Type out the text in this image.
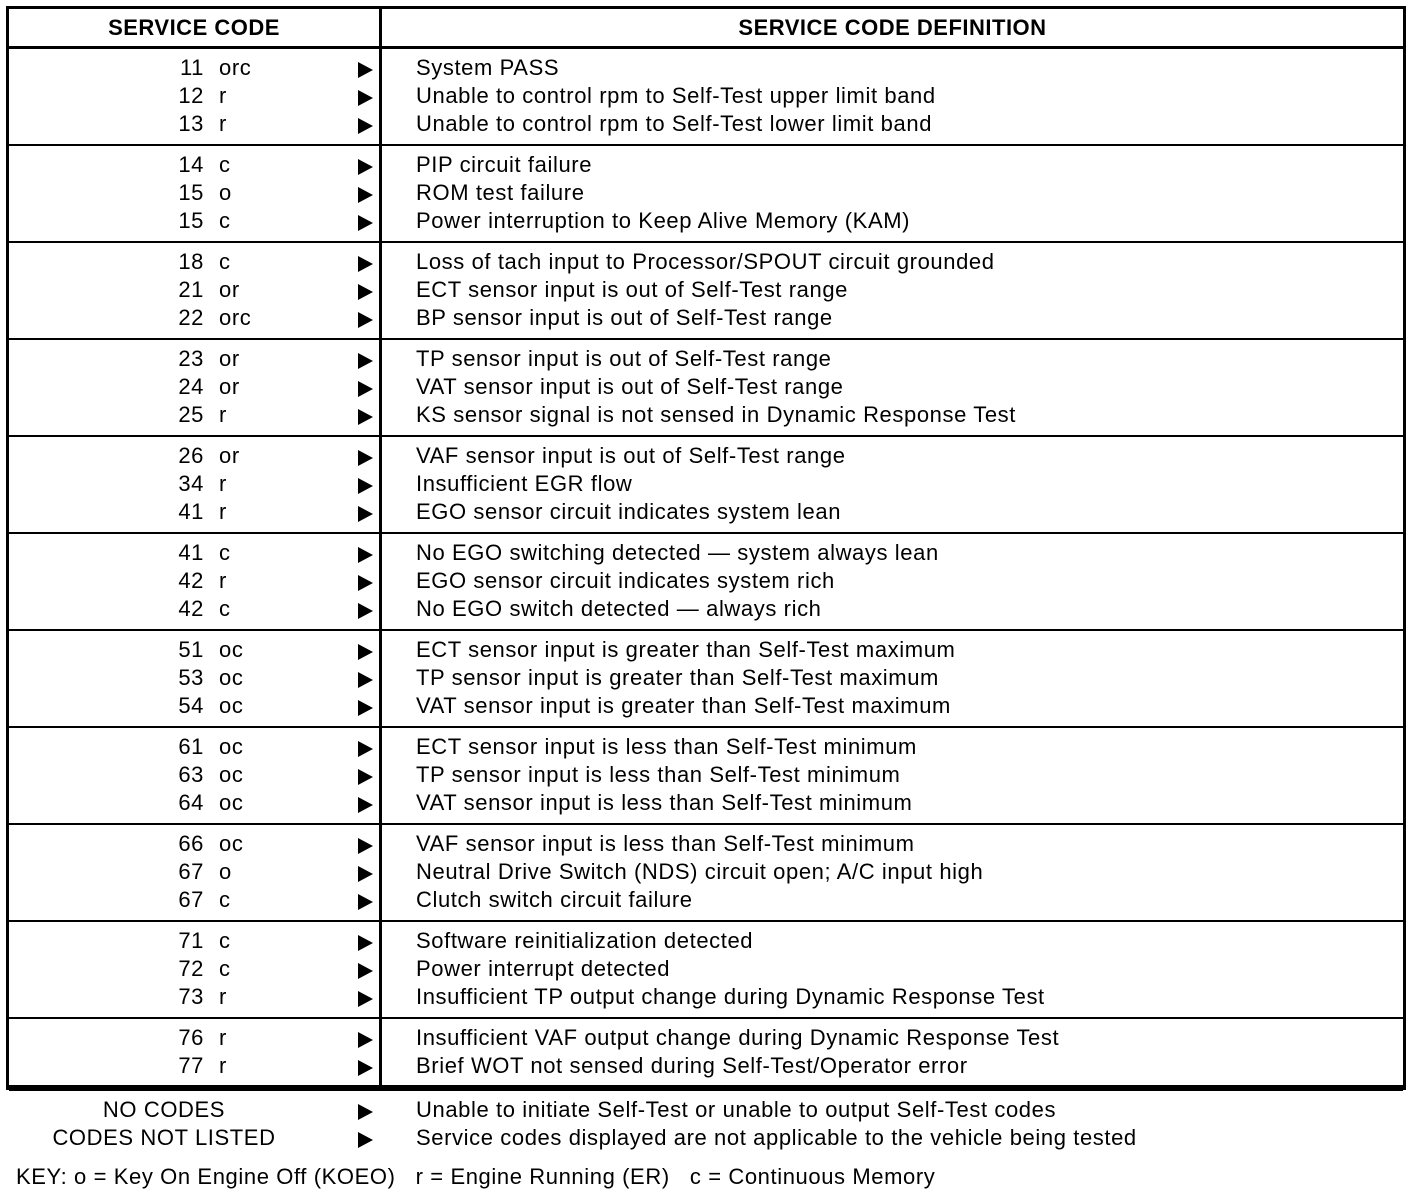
SERVICE CODE	SERVICE CODE DEFINITION
11 orc	System PASS
12 r	Unable to control rpm to Self-Test upper limit band
13 r	Unable to control rpm to Self-Test lower limit band
14 c	PIP circuit failure
15 o	ROM test failure
15 c	Power interruption to Keep Alive Memory (KAM)
18 c	Loss of tach input to Processor/SPOUT circuit grounded
21 or	ECT sensor input is out of Self-Test range
22 orc	BP sensor input is out of Self-Test range
23 or	TP sensor input is out of Self-Test range
24 or	VAT sensor input is out of Self-Test range
25 r	KS sensor signal is not sensed in Dynamic Response Test
26 or	VAF sensor input is out of Self-Test range
34 r	Insufficient EGR flow
41 r	EGO sensor circuit indicates system lean
41 c	No EGO switching detected — system always lean
42 r	EGO sensor circuit indicates system rich
42 c	No EGO switch detected — always rich
51 oc	ECT sensor input is greater than Self-Test maximum
53 oc	TP sensor input is greater than Self-Test maximum
54 oc	VAT sensor input is greater than Self-Test maximum
61 oc	ECT sensor input is less than Self-Test minimum
63 oc	TP sensor input is less than Self-Test minimum
64 oc	VAT sensor input is less than Self-Test minimum
66 oc	VAF sensor input is less than Self-Test minimum
67 o	Neutral Drive Switch (NDS) circuit open; A/C input high
67 c	Clutch switch circuit failure
71 c	Software reinitialization detected
72 c	Power interrupt detected
73 r	Insufficient TP output change during Dynamic Response Test
76 r	Insufficient VAF output change during Dynamic Response Test
77 r	Brief WOT not sensed during Self-Test/Operator error
NO CODES	Unable to initiate Self-Test or unable to output Self-Test codes
CODES NOT LISTED	Service codes displayed are not applicable to the vehicle being tested
KEY: o = Key On Engine Off (KOEO)   r = Engine Running (ER)   c = Continuous Memory
